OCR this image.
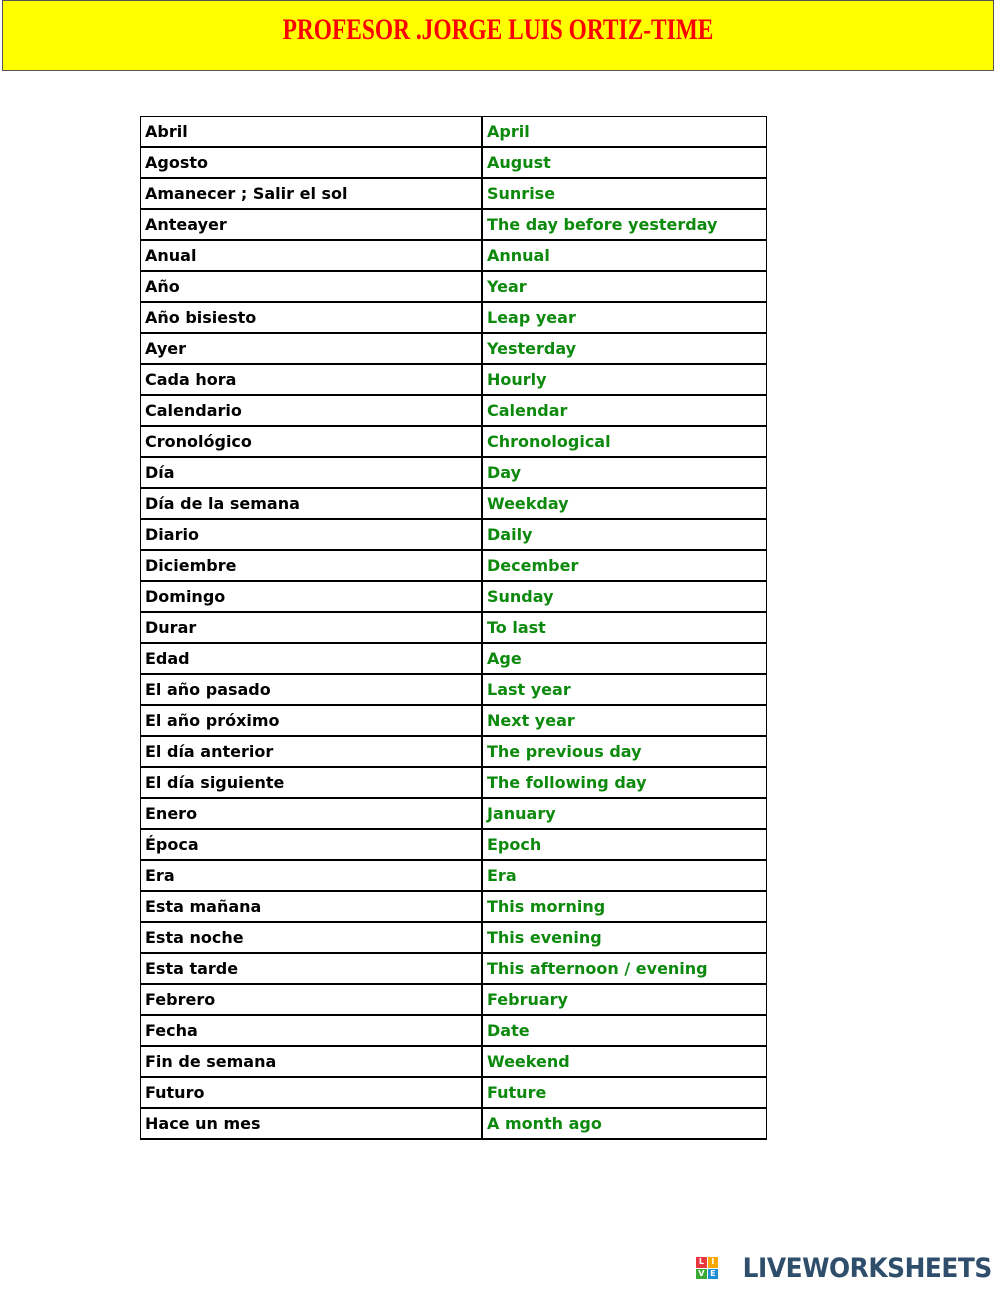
PROFESOR .JORGE LUIS ORTIZ-TIME
Abril	April
Agosto	August
Amanecer ; Salir el sol	Sunrise
Anteayer	The day before yesterday
Anual	Annual
Año	Year
Año bisiesto	Leap year
Ayer	Yesterday
Cada hora	Hourly
Calendario	Calendar
Cronológico	Chronological
Día	Day
Día de la semana	Weekday
Diario	Daily
Diciembre	December
Domingo	Sunday
Durar	To last
Edad	Age
El año pasado	Last year
El año próximo	Next year
El día anterior	The previous day
El día siguiente	The following day
Enero	January
Época	Epoch
Era	Era
Esta mañana	This morning
Esta noche	This evening
Esta tarde	This afternoon / evening
Febrero	February
Fecha	Date
Fin de semana	Weekend
Futuro	Future
Hace un mes	A month ago
L I
V E LIVEWORKSHEETS
